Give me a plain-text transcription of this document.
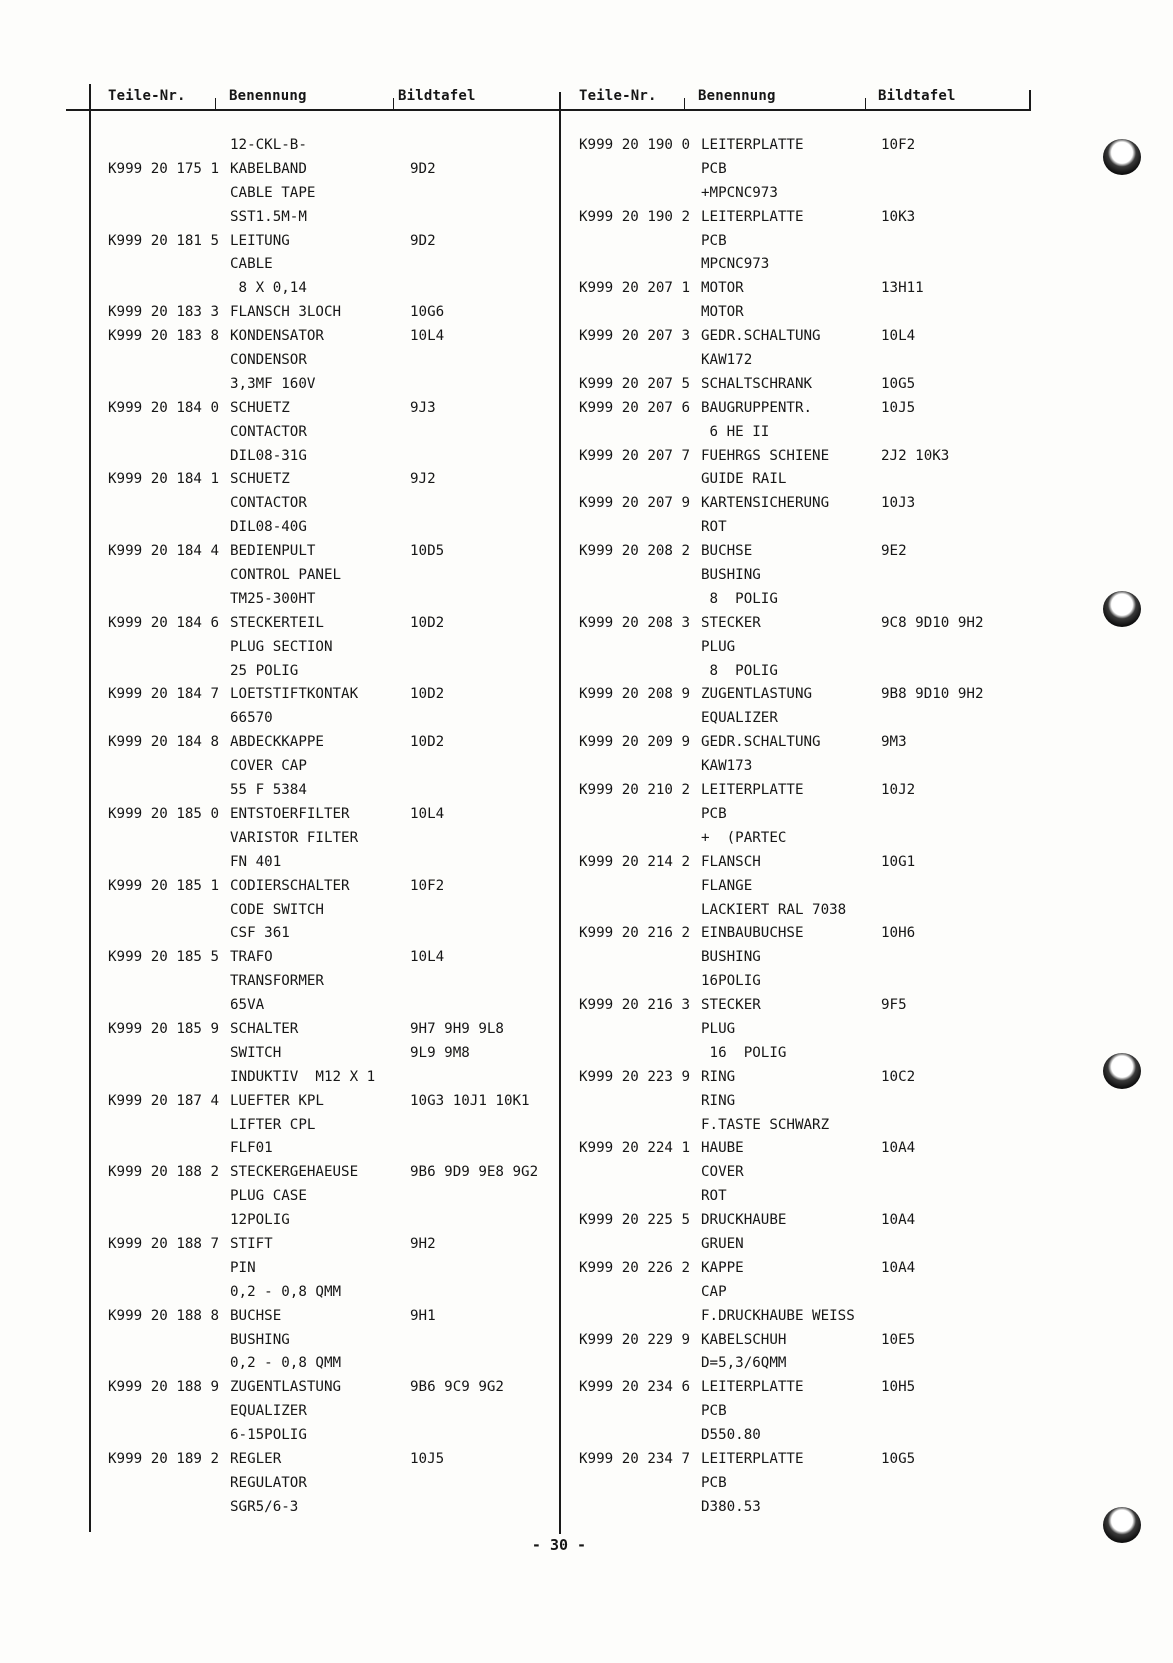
Teile-Nr.	Benennung	Bildtafel	Teile-Nr.	Benennung	Bildtafel
12-CKL-B-
K999 20 175 1 KABELBAND	9D2
CABLE TAPE
SST1.5M-M
K999 20 181 5 LEITUNG	9D2
CABLE
8 X 0,14
K999 20 183 3 FLANSCH 3LOCH	10G6
K999 20 183 8 KONDENSATOR	10L4
CONDENSOR
3,3MF 160V
K999 20 184 0 SCHUETZ	9J3
CONTACTOR
DIL08-31G
K999 20 184 1 SCHUETZ	9J2
CONTACTOR
DIL08-40G
K999 20 184 4 BEDIENPULT	10D5
CONTROL PANEL
TM25-300HT
K999 20 184 6 STECKERTEIL	10D2
PLUG SECTION
25 POLIG
K999 20 184 7 LOETSTIFTKONTAK	10D2
66570
K999 20 184 8 ABDECKKAPPE	10D2
COVER CAP
55 F 5384
K999 20 185 0 ENTSTOERFILTER	10L4
VARISTOR FILTER
FN 401
K999 20 185 1 CODIERSCHALTER	10F2
CODE SWITCH
CSF 361
K999 20 185 5 TRAFO	10L4
TRANSFORMER
65VA
K999 20 185 9 SCHALTER	9H7 9H9 9L8
SWITCH	9L9 9M8
INDUKTIV  M12 X 1
K999 20 187 4 LUEFTER KPL	10G3 10J1 10K1
LIFTER CPL
FLF01
K999 20 188 2 STECKERGEHAEUSE	9B6 9D9 9E8 9G2
PLUG CASE
12POLIG
K999 20 188 7 STIFT	9H2
PIN
0,2 - 0,8 QMM
K999 20 188 8 BUCHSE	9H1
BUSHING
0,2 - 0,8 QMM
K999 20 188 9 ZUGENTLASTUNG	9B6 9C9 9G2
EQUALIZER
6-15POLIG
K999 20 189 2 REGLER	10J5
REGULATOR
SGR5/6-3
K999 20 190 0 LEITERPLATTE	10F2
PCB
+MPCNC973
K999 20 190 2 LEITERPLATTE	10K3
PCB
MPCNC973
K999 20 207 1 MOTOR	13H11
MOTOR
K999 20 207 3 GEDR.SCHALTUNG	10L4
KAW172
K999 20 207 5 SCHALTSCHRANK	10G5
K999 20 207 6 BAUGRUPPENTR.	10J5
6 HE II
K999 20 207 7 FUEHRGS SCHIENE	2J2 10K3
GUIDE RAIL
K999 20 207 9 KARTENSICHERUNG	10J3
ROT
K999 20 208 2 BUCHSE	9E2
BUSHING
8  POLIG
K999 20 208 3 STECKER	9C8 9D10 9H2
PLUG
8  POLIG
K999 20 208 9 ZUGENTLASTUNG	9B8 9D10 9H2
EQUALIZER
K999 20 209 9 GEDR.SCHALTUNG	9M3
KAW173
K999 20 210 2 LEITERPLATTE	10J2
PCB
+  (PARTEC
K999 20 214 2 FLANSCH	10G1
FLANGE
LACKIERT RAL 7038
K999 20 216 2 EINBAUBUCHSE	10H6
BUSHING
16POLIG
K999 20 216 3 STECKER	9F5
PLUG
16  POLIG
K999 20 223 9 RING	10C2
RING
F.TASTE SCHWARZ
K999 20 224 1 HAUBE	10A4
COVER
ROT
K999 20 225 5 DRUCKHAUBE	10A4
GRUEN
K999 20 226 2 KAPPE	10A4
CAP
F.DRUCKHAUBE WEISS
K999 20 229 9 KABELSCHUH	10E5
D=5,3/6QMM
K999 20 234 6 LEITERPLATTE	10H5
PCB
D550.80
K999 20 234 7 LEITERPLATTE	10G5
PCB
D380.53
- 30 -
